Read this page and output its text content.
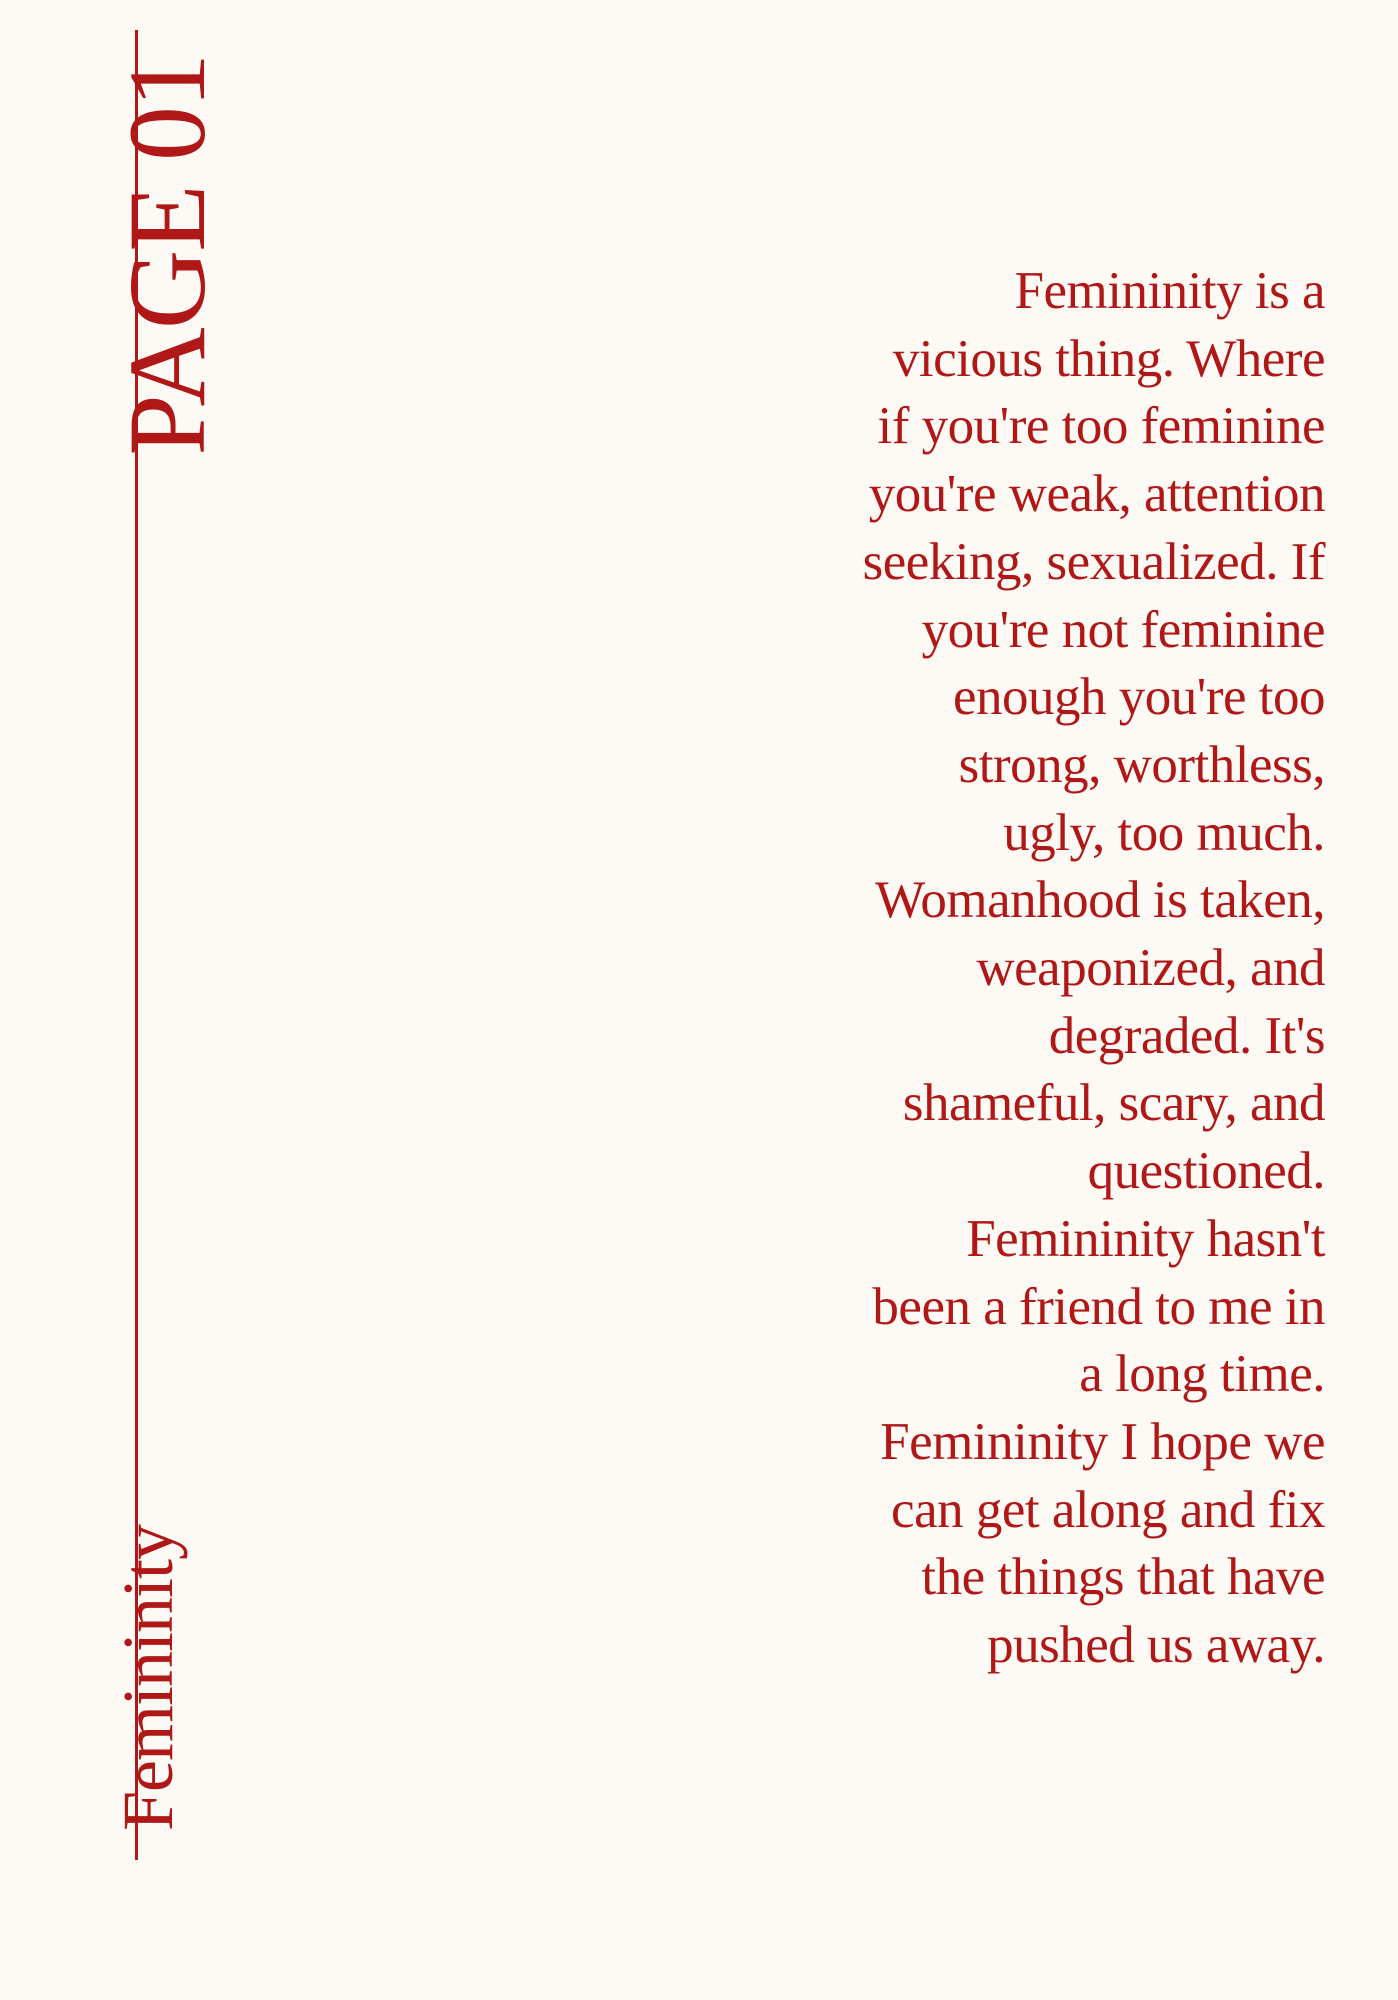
PAGE 01
Femininity
Femininity is a
vicious thing. Where
if you're too feminine
you're weak, attention
seeking, sexualized. If
you're not feminine
enough you're too
strong, worthless,
ugly, too much.
Womanhood is taken,
weaponized, and
degraded. It's
shameful, scary, and
questioned.
Femininity hasn't
been a friend to me in
a long time.
Femininity I hope we
can get along and fix
the things that have
pushed us away.
